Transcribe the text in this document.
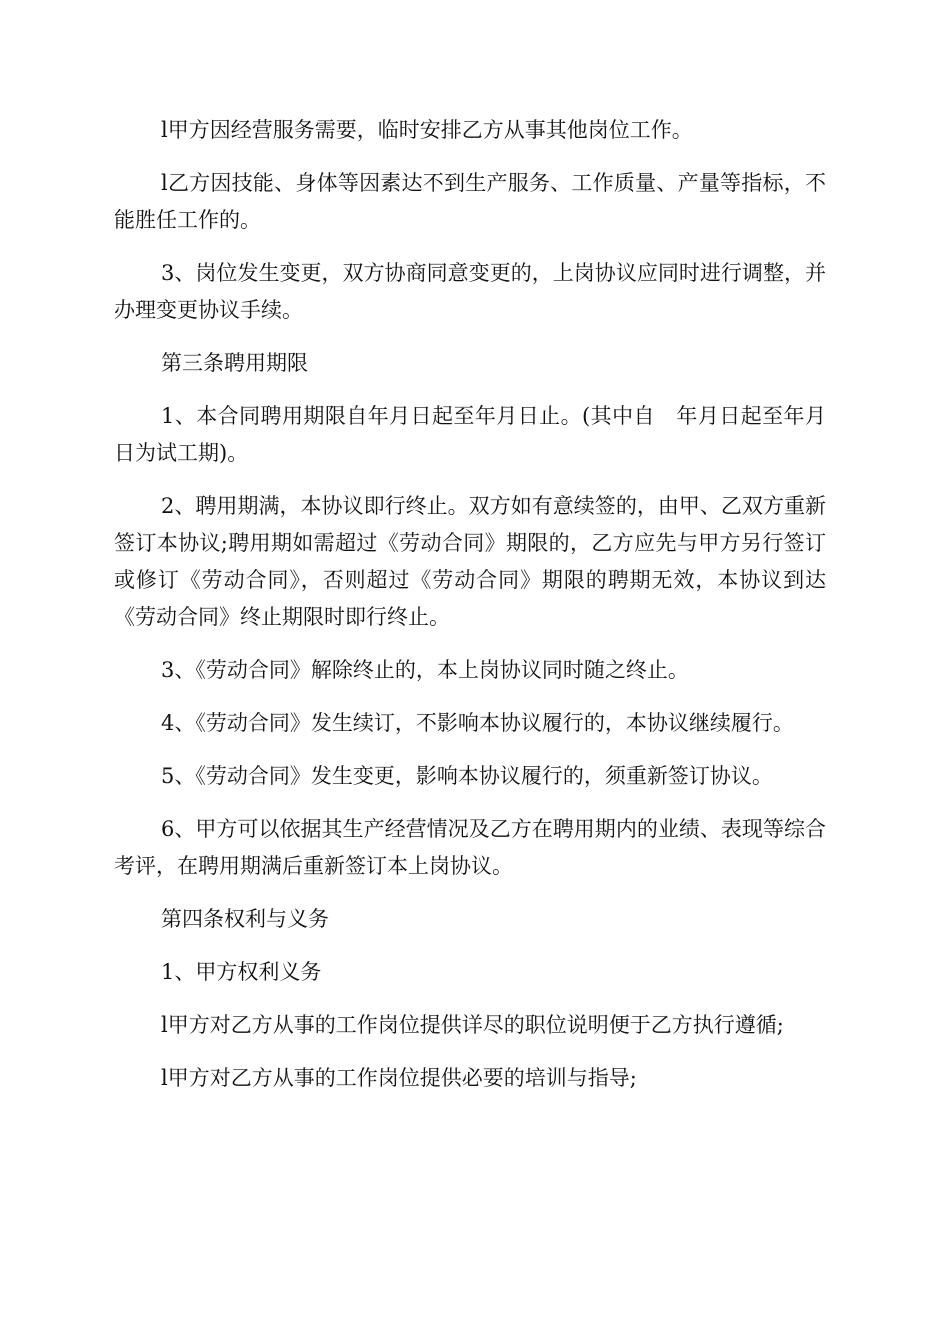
l甲方因经营服务需要，临时安排乙方从事其他岗位工作。

l乙方因技能、身体等因素达不到生产服务、工作质量、产量等指标，不能胜任工作的。

3、岗位发生变更，双方协商同意变更的，上岗协议应同时进行调整，并办理变更协议手续。

第三条聘用期限

1、本合同聘用期限自年月日起至年月日止。(其中自　年月日起至年月日为试工期)。

2、聘用期满，本协议即行终止。双方如有意续签的，由甲、乙双方重新签订本协议;聘用期如需超过《劳动合同》期限的，乙方应先与甲方另行签订或修订《劳动合同》，否则超过《劳动合同》期限的聘期无效，本协议到达《劳动合同》终止期限时即行终止。

3、《劳动合同》解除终止的，本上岗协议同时随之终止。

4、《劳动合同》发生续订，不影响本协议履行的，本协议继续履行。

5、《劳动合同》发生变更，影响本协议履行的，须重新签订协议。

6、甲方可以依据其生产经营情况及乙方在聘用期内的业绩、表现等综合考评，在聘用期满后重新签订本上岗协议。

第四条权利与义务

1、甲方权利义务

l甲方对乙方从事的工作岗位提供详尽的职位说明便于乙方执行遵循;

l甲方对乙方从事的工作岗位提供必要的培训与指导;
